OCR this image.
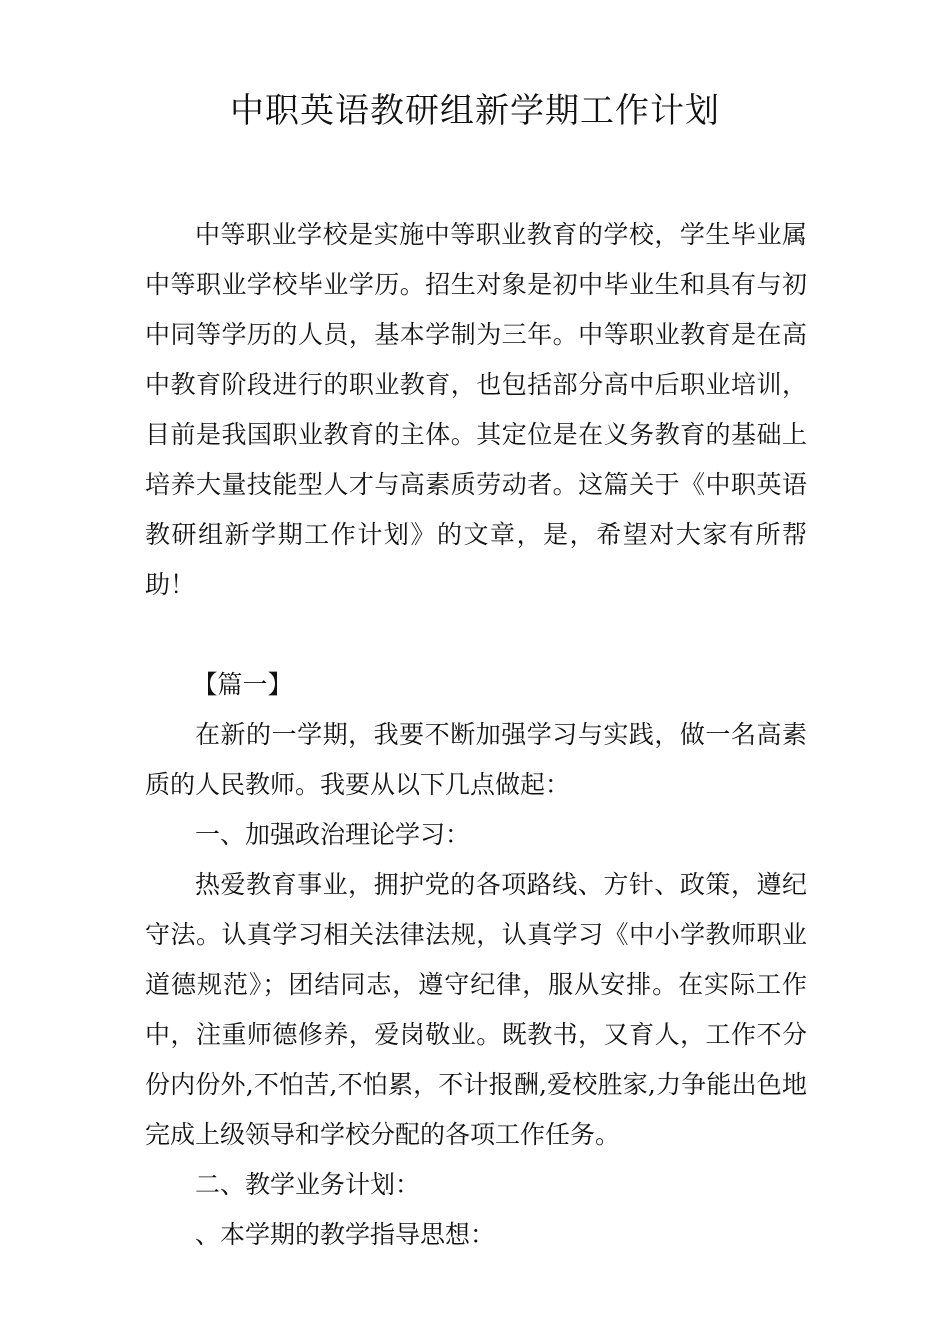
中职英语教研组新学期工作计划

中等职业学校是实施中等职业教育的学校，学生毕业属中等职业学校毕业学历。招生对象是初中毕业生和具有与初中同等学历的人员，基本学制为三年。中等职业教育是在高中教育阶段进行的职业教育，也包括部分高中后职业培训，目前是我国职业教育的主体。其定位是在义务教育的基础上培养大量技能型人才与高素质劳动者。这篇关于《中职英语教研组新学期工作计划》的文章，是，希望对大家有所帮助！

【篇一】

在新的一学期，我要不断加强学习与实践，做一名高素质的人民教师。我要从以下几点做起：

一、加强政治理论学习：

热爱教育事业，拥护党的各项路线、方针、政策，遵纪守法。认真学习相关法律法规，认真学习《中小学教师职业道德规范》；团结同志，遵守纪律，服从安排。在实际工作中，注重师德修养，爱岗敬业。既教书，又育人，工作不分份内份外,不怕苦,不怕累，不计报酬,爱校胜家,力争能出色地完成上级领导和学校分配的各项工作任务。

二、教学业务计划：

、本学期的教学指导思想：
